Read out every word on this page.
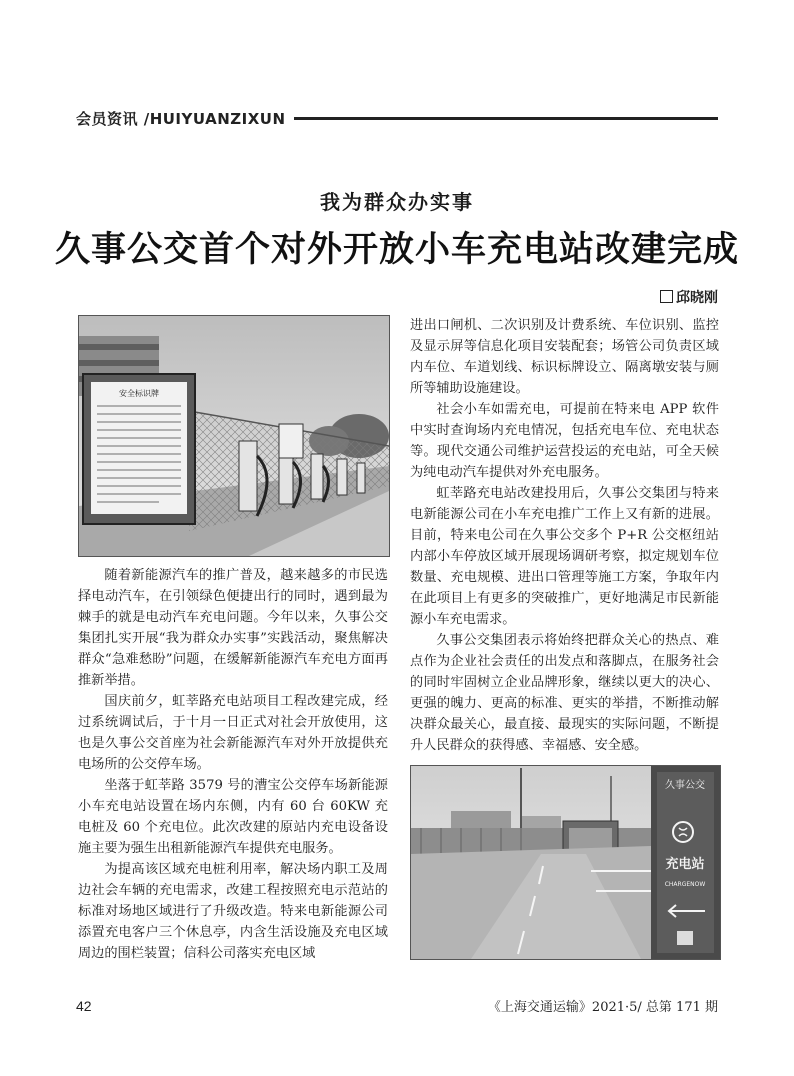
会员资讯 /HUIYUANZIXUN
我为群众办实事
久事公交首个对外开放小车充电站改建完成
邱晓刚
安全标识牌

随着新能源汽车的推广普及，越来越多的市民选择电动汽车，在引领绿色便捷出行的同时，遇到最为棘手的就是电动汽车充电问题。今年以来，久事公交集团扎实开展“我为群众办实事”实践活动，聚焦解决群众“急难愁盼”问题，在缓解新能源汽车充电方面再推新举措。

国庆前夕，虹莘路充电站项目工程改建完成，经过系统调试后，于十月一日正式对社会开放使用，这也是久事公交首座为社会新能源汽车对外开放提供充电场所的公交停车场。

坐落于虹莘路 3579 号的漕宝公交停车场新能源小车充电站设置在场内东侧，内有 60 台 60KW 充电桩及 60 个充电位。此次改建的原站内充电设备设施主要为强生出租新能源汽车提供充电服务。

为提高该区域充电桩利用率，解决场内职工及周边社会车辆的充电需求，改建工程按照充电示范站的标准对场地区域进行了升级改造。特来电新能源公司添置充电客户三个休息亭，内含生活设施及充电区域周边的围栏装置；信科公司落实充电区域

进出口闸机、二次识别及计费系统、车位识别、监控及显示屏等信息化项目安装配套；场管公司负责区域内车位、车道划线、标识标牌设立、隔离墩安装与厕所等辅助设施建设。

社会小车如需充电，可提前在特来电 APP 软件中实时查询场内充电情况，包括充电车位、充电状态等。现代交通公司维护运营投运的充电站，可全天候为纯电动汽车提供对外充电服务。

虹莘路充电站改建投用后，久事公交集团与特来电新能源公司在小车充电推广工作上又有新的进展。目前，特来电公司在久事公交多个 P+R 公交枢纽站内部小车停放区域开展现场调研考察，拟定规划车位数量、充电规模、进出口管理等施工方案，争取年内在此项目上有更多的突破推广，更好地满足市民新能源小车充电需求。

久事公交集团表示将始终把群众关心的热点、难点作为企业社会责任的出发点和落脚点，在服务社会的同时牢固树立企业品牌形象，继续以更大的决心、更强的魄力、更高的标准、更实的举措，不断推动解决群众最关心，最直接、最现实的实际问题，不断提升人民群众的获得感、幸福感、安全感。

久事公交
充电站
CHARGENOW
42	《上海交通运输》2021·5/ 总第 171 期
